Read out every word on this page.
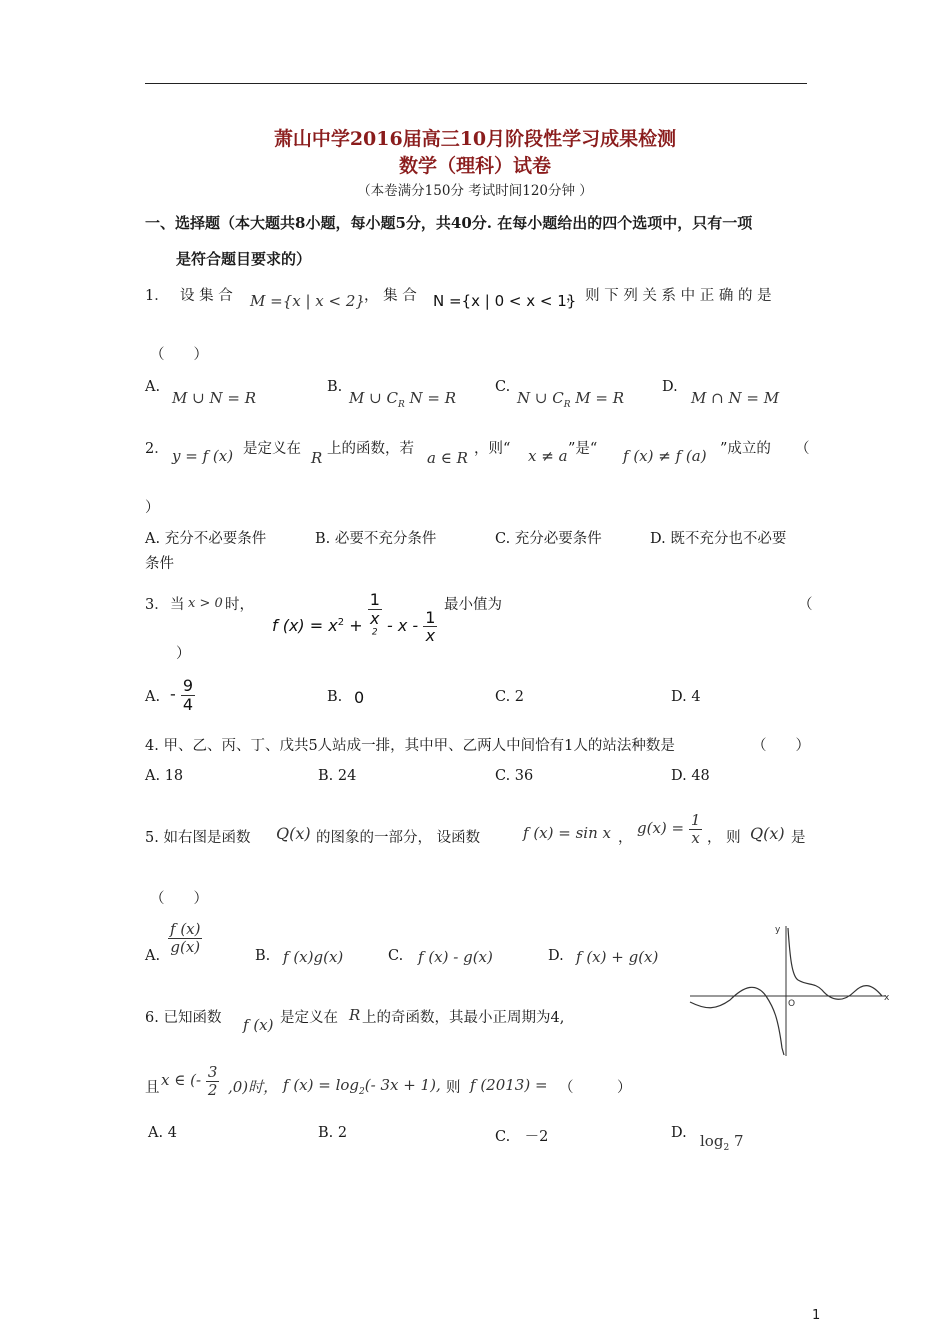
萧山中学2016届高三10月阶段性学习成果检测
数学（理科）试卷
（本卷满分150分 考试时间120分钟 ）
一、选择题（本大题共8小题，每小题5分，共40分. 在每小题给出的四个选项中，只有一项
是符合题目要求的）
1． 设 集 合 M ={x | x < 2} ， 集 合 N ={x | 0 < x < 1}
， 则 下 列 关 系 中 正 确 的 是
（　　）
A.
M ∪ N = R
B.
M ∪ $C_R$ N = R
C.
N ∪ $C_R$ M = R
D.
M ∩ N = M
2． y = f (x) 是定义在 R 上的函数，若 a ∈ R ，则“ x ≠ a ”是“ f (x) ≠ f (a) ”成立的 （
）
A. 充分不必要条件	B. 必要不充分条件	C. 充分必要条件	D. 既不充分也不必要
条件
3． 当 x > 0 时，
f $(x) = x^2 + 1$
x
$^2$ - x - $\frac{1}{x}$
最小值为	（
）
A. - $\frac{9}{4}$	B. 0	C. 2	D. 4
4. 甲、乙、丙、丁、戊共5人站成一排，其中甲、乙两人中间恰有1人的站法种数是	（　　）
A. 18	B. 24	C. 36	D. 48
5. 如右图是函数 Q(x) 的图象的一部分， 设函数	f (x) = sin x ，
$g(x) = \frac{1}{x}$ ， 则 Q(x) 是
（　　）
A.
$\frac{f (x)}{g(x)}$
B. f (x)g(x)	C. f (x) - g(x)	D. f (x) + g(x)
y
x
O
6. 已知函数 f (x) 是定义在 R 上的奇函数，其最小正周期为4,
且 x ∈ (- $\frac{3}{2} ,0$)时， f $(x) = \log_2(-$ 3x + 1), 则 f (2013) = （　　　）
A. 4	B. 2	C.　－2	D. $\log_2 7$
1
